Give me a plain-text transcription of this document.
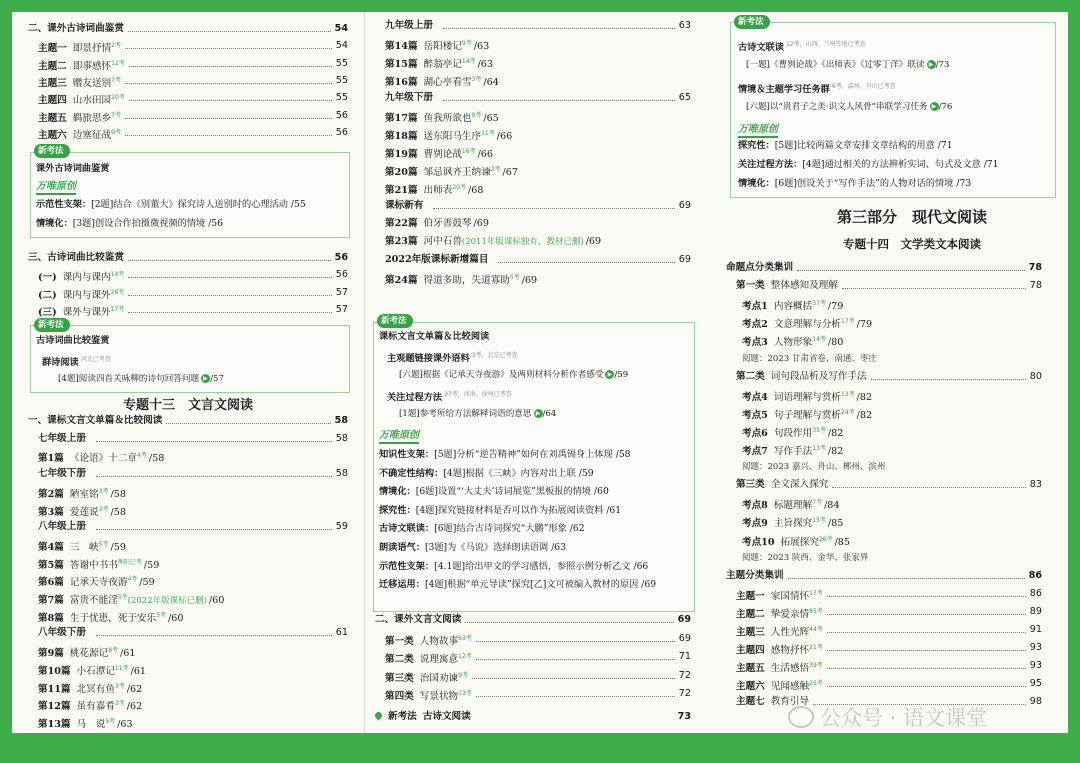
二、课外古诗词曲鉴赏	54
主题一 即景抒情$^{2考}$	54
主题二 即事感怀$^{12考}$	55
主题三 赠友送别$^{7考}$	55
主题四 山水田园$^{20考}$	55
主题五 羁旅思乡$^{7考}$	56
主题六 边塞征战$^{9考}$	56
新考法
课外古诗词曲鉴赏
万唯原创
示范性支架：[2题]结合《别董大》探究诗人送别时的心理活动 /55
情境化：[3题]创设合作拍摄微视频的情境 /56
三、古诗词曲比较鉴赏	56
(一) 课内与课内$^{14考}$	56
(二) 课内与课外$^{26考}$	57
(三) 课外与课外$^{17考}$	57
新考法
古诗词曲比较鉴赏
群诗阅读 $^{河北已考查}$
[4题]阅读四首关咏柳的诗句回答问题 ▶ /57
专题十三　文言文阅读
一、课标文言文单篇＆比较阅读	58
七年级上册	58
第1篇 《论语》十二章$^{4考}$ /58
七年级下册	58
第2篇 陋室铭$^{3考}$ /58
第3篇 爱莲说$^{3考}$ /58
八年级上册	59
第4篇 三　峡$^{5考}$ /59
第5篇 答谢中书书$^{衡阳已考}$ /59
第6篇 记承天寺夜游$^{4考}$ /59
第7篇 富贵不能淫$^{5考}$(2022年版课标已删) /60
第8篇 生于忧患，死于安乐$^{5考}$ /60
八年级下册	61
第9篇 桃花源记$^{8考}$ /61
第10篇 小石潭记$^{11考}$ /61
第11篇 北冥有鱼$^{3考}$ /62
第12篇 虽有嘉肴$^{3考}$ /62
第13篇 马　说$^{5考}$ /63
九年级上册	63
第14篇 岳阳楼记$^{9考}$ /63
第15篇 醉翁亭记$^{14考}$ /63
第16篇 湖心亭看雪$^{3考}$ /64
九年级下册	65
第17篇 鱼我所欲也$^{9考}$ /65
第18篇 送东阳马生序$^{11考}$ /66
第19篇 曹刿论战$^{16考}$ /66
第20篇 邹忌讽齐王纳谏$^{2考}$ /67
第21篇 出师表$^{20考}$ /68
课标新有	69
第22篇 伯牙善鼓琴 /69
第23篇 河中石兽(2011年版课标独有，教材已删) /69
2022年版课标新增篇目	69
第24篇 得道多助，失道寡助$^{5考}$ /69
新考法
课标文言文单篇＆比较阅读
主观题链接课外语料 $^{3考,北京已考查}$
[六题]根据《记承天寺夜游》及两则材料分析作者感受 ▶ /59
关注过程方法 $^{37考,河南、徐州已考查}$
[1题]参考所给方法解释词语的意思 ▶ /64
万唯原创
知识性支架：[5题]分析“逆告精神”如何在刘禹锡身上体现 /58
不确定性结构：[4题]根据《三峡》内容对出上联 /59
情境化：[6题]设置“‘大丈夫’诗词展览”黑板报的情境 /60
探究性：[4题]探究链接材料是否可以作为拓展阅读资料 /61
古诗文联读：[6题]结合古诗词探究“大鹏”形象 /62
朗读语气：[3题]为《马说》选择朗读语调 /63
示范性支架：[4.1题]给出甲文的学习感悟，参照示例分析乙文 /66
迁移运用：[4题]根据“单元导读”探究[乙]文可被编入教材的原因 /69
二、课外文言文阅读	69
第一类 人物故事$^{63考}$	69
第二类 说理寓意$^{12考}$	71
第三类 治国劝谏$^{9考}$	72
第四类 写景状物$^{13考}$	72
新考法 古诗文阅读	73
新考法
古诗文联读 $^{12考,山西、兰州等地已考查}$
[一题]《曹刿论战》《出师表》《过零丁洋》联读 ▶ /73
情境＆主题学习任务群 $^{6考,温州、舟山已考查}$
[六题]以“贵君子之美·识文人风骨”串联学习任务 ▶ /76
万唯原创
探究性：[5题]比较两篇文章安排文章结构的用意 /71
关注过程方法：[4题]通过相关的方法辨析实词、句式及文意 /71
情境化：[6题]创设关于“写作手法”的人物对话的情境 /73
第三部分　现代文阅读
专题十四　文学类文本阅读
命题点分类集训	78
第一类 整体感知及理解	78
考点1 内容概括$^{37考}$ /79
考点2 文意理解与分析$^{17考}$ /79
考点3 人物形象$^{14考}$ /80
阅题：2023 甘肃省卷、南通、枣庄
第二类 词句段品析及写作手法	80
考点4 词语理解与赏析$^{13考}$ /82
考点5 句子理解与赏析$^{24考}$ /82
考点6 句段作用$^{35考}$ /82
考点7 写作手法$^{13考}$ /82
阅题：2023 嘉兴、舟山、郴州、滨州
第三类 全文深入探究	83
考点8 标题理解$^{7考}$ /84
考点9 主旨探究$^{15考}$ /85
考点10 拓展探究$^{26考}$ /85
阅题：2023 陕西、金华、张家界
主题分类集训	86
主题一 家国情怀$^{17考}$	86
主题二 挚爱亲情$^{85考}$	89
主题三 人性光辉$^{44考}$	91
主题四 感物抒怀$^{21考}$	93
主题五 生活感悟$^{39考}$	93
主题六 见闻感触$^{25考}$	95
主题七 教育引导	98
公众号 · 语文课堂
